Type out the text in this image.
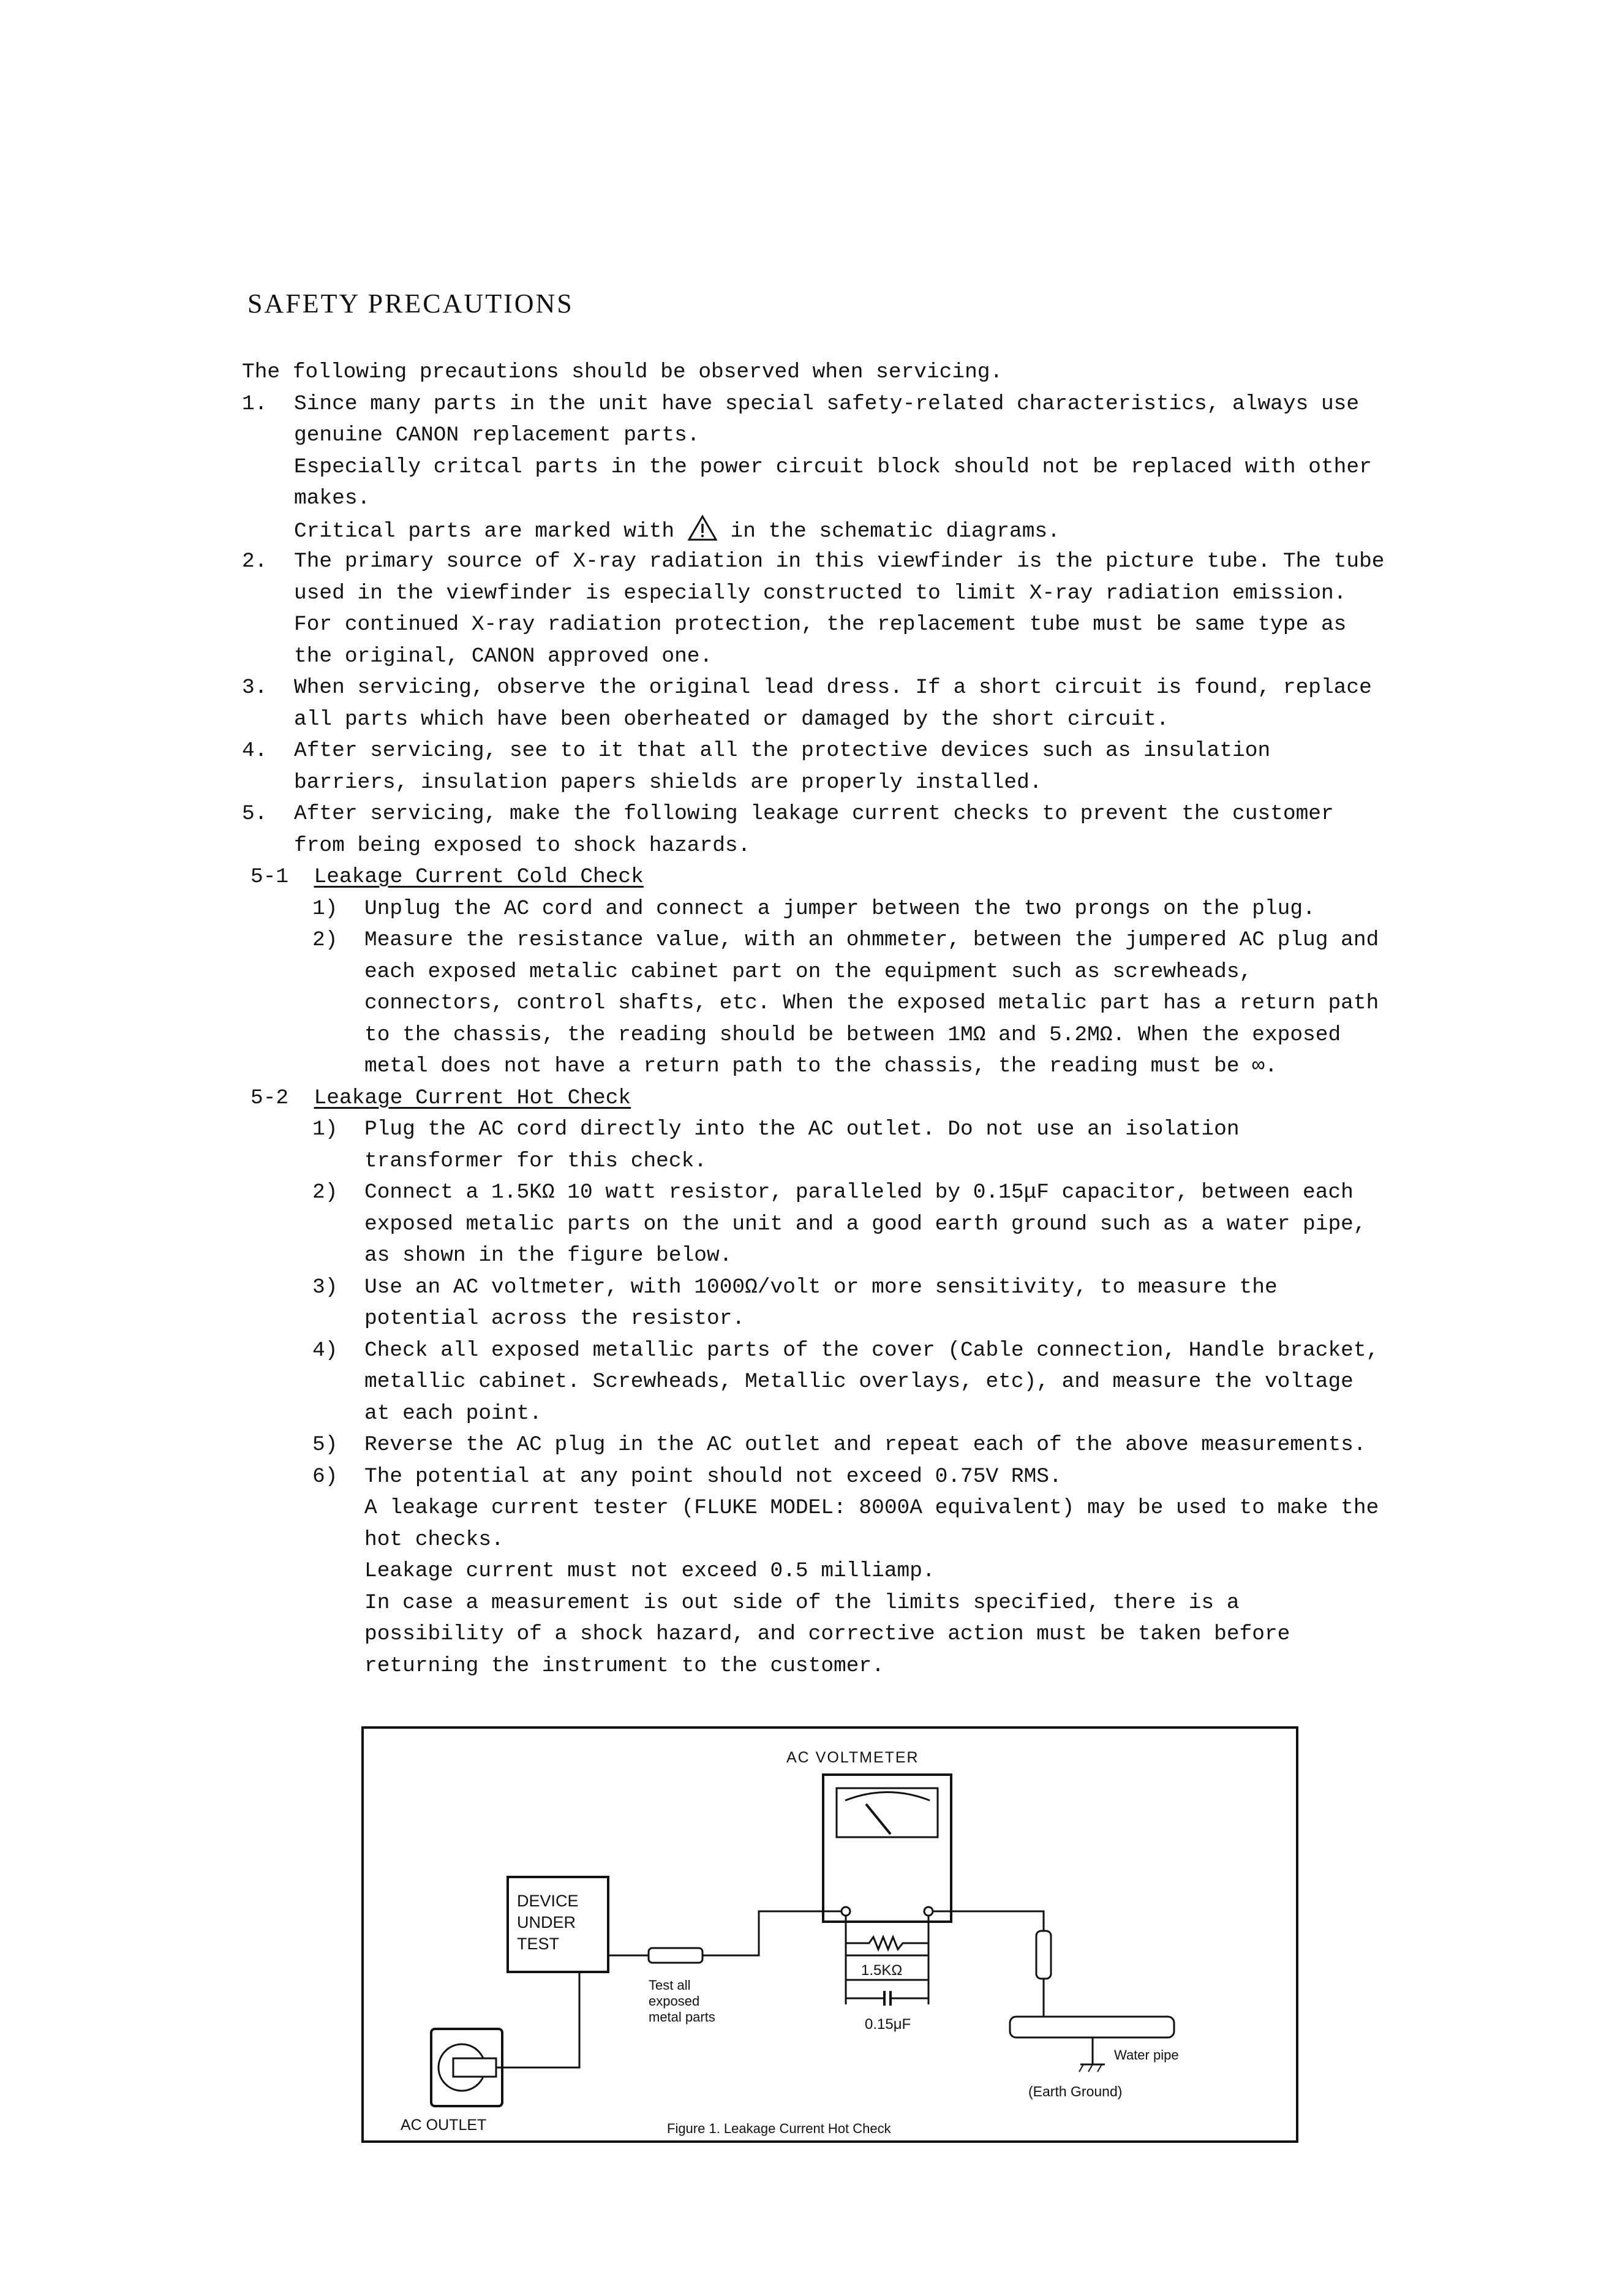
SAFETY PRECAUTIONS
The following precautions should be observed when servicing.
1. Since many parts in the unit have special safety-related characteristics, always use
genuine CANON replacement parts.
Especially critcal parts in the power circuit block should not be replaced with other
makes.
Critical parts are marked with	in the schematic diagrams.
2. The primary source of X-ray radiation in this viewfinder is the picture tube. The tube
used in the viewfinder is especially constructed to limit X-ray radiation emission.
For continued X-ray radiation protection, the replacement tube must be same type as
the original, CANON approved one.
3. When servicing, observe the original lead dress. If a short circuit is found, replace
all parts which have been oberheated or damaged by the short circuit.
4. After servicing, see to it that all the protective devices such as insulation
barriers, insulation papers shields are properly installed.
5. After servicing, make the following leakage current checks to prevent the customer
from being exposed to shock hazards.
5-1 Leakage Current Cold Check
1) Unplug the AC cord and connect a jumper between the two prongs on the plug.
2) Measure the resistance value, with an ohmmeter, between the jumpered AC plug and
each exposed metalic cabinet part on the equipment such as screwheads,
connectors, control shafts, etc. When the exposed metalic part has a return path
to the chassis, the reading should be between 1MΩ and 5.2MΩ. When the exposed
metal does not have a return path to the chassis, the reading must be ∞.
5-2 Leakage Current Hot Check
1) Plug the AC cord directly into the AC outlet. Do not use an isolation
transformer for this check.
2) Connect a 1.5KΩ 10 watt resistor, paralleled by 0.15μF capacitor, between each
exposed metalic parts on the unit and a good earth ground such as a water pipe,
as shown in the figure below.
3) Use an AC voltmeter, with 1000Ω/volt or more sensitivity, to measure the
potential across the resistor.
4) Check all exposed metallic parts of the cover (Cable connection, Handle bracket,
metallic cabinet. Screwheads, Metallic overlays, etc), and measure the voltage
at each point.
5) Reverse the AC plug in the AC outlet and repeat each of the above measurements.
6) The potential at any point should not exceed 0.75V RMS.
A leakage current tester (FLUKE MODEL: 8000A equivalent) may be used to make the
hot checks.
Leakage current must not exceed 0.5 milliamp.
In case a measurement is out side of the limits specified, there is a
possibility of a shock hazard, and corrective action must be taken before
returning the instrument to the customer.
AC VOLTMETER
DEVICE
UNDER
TEST
Test all
exposed
metal parts
1.5KΩ
0.15μF
Water pipe
(Earth Ground)
AC OUTLET	Figure 1. Leakage Current Hot Check
